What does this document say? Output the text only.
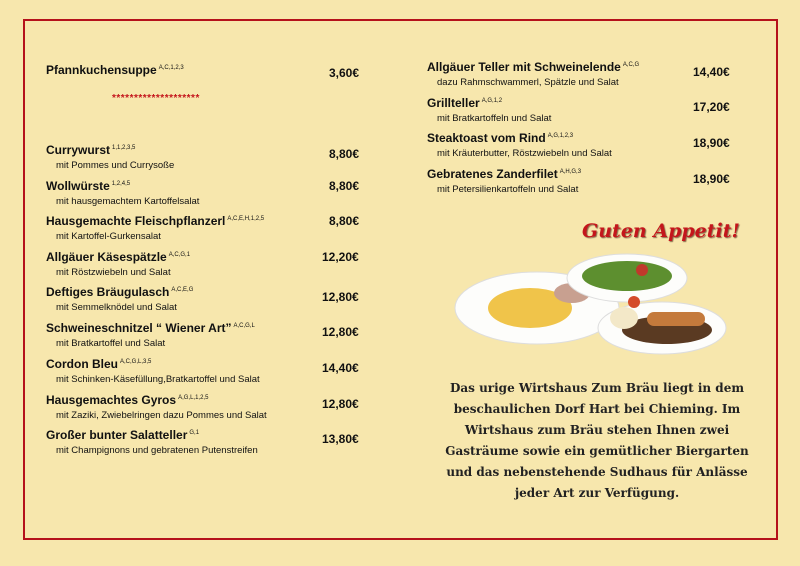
Pfannkuchensuppe $^{A,C,1,2,3}$	3,60€
********************
Currywurst $^{1,1,2,3,5}$
mit Pommes und Currysoße
8,80€
Wollwürste $^{1,2,4,5}$
mit hausgemachtem Kartoffelsalat
8,80€
Hausgemachte Fleischpflanzerl $^{A,C,E,H,1,2,5}$
mit Kartoffel-Gurkensalat
8,80€
Allgäuer Käsespätzle $^{A,C,G,1}$
mit Röstzwiebeln und Salat
12,20€
Deftiges Bräugulasch $^{A,C,E,G}$
mit Semmelknödel und Salat
12,80€
Schweineschnitzel “ Wiener Art” $^{A,C,G,L}$
mit Bratkartoffel und Salat
12,80€
Cordon Bleu $^{A,C,G,L,3,5}$
mit Schinken-Käsefüllung,Bratkartoffel und Salat
14,40€
Hausgemachtes Gyros $^{A,G,L,1,2,5}$
mit Zaziki, Zwiebelringen dazu Pommes und Salat
12,80€
Großer bunter Salatteller $^{G,1}$
mit Champignons und gebratenen Putenstreifen
13,80€
Allgäuer Teller mit Schweinelende $^{A,C,G}$
dazu Rahmschwammerl, Spätzle und Salat
14,40€
Grillteller $^{A,G,1,2}$
mit Bratkartoffeln und Salat
17,20€
Steaktoast vom Rind $^{A,G,1,2,3}$
mit Kräuterbutter, Röstzwiebeln und Salat
18,90€
Gebratenes Zanderfilet $^{A,H,G,3}$
mit Petersilienkartoffeln und Salat
18,90€
Guten Appetit!
Das urige Wirtshaus Zum Bräu liegt in dem beschaulichen Dorf Hart bei Chieming. Im Wirtshaus zum Bräu stehen Ihnen zwei Gasträume sowie ein gemütlicher Biergarten und das nebenstehende Sudhaus für Anlässe jeder Art zur Verfügung.
